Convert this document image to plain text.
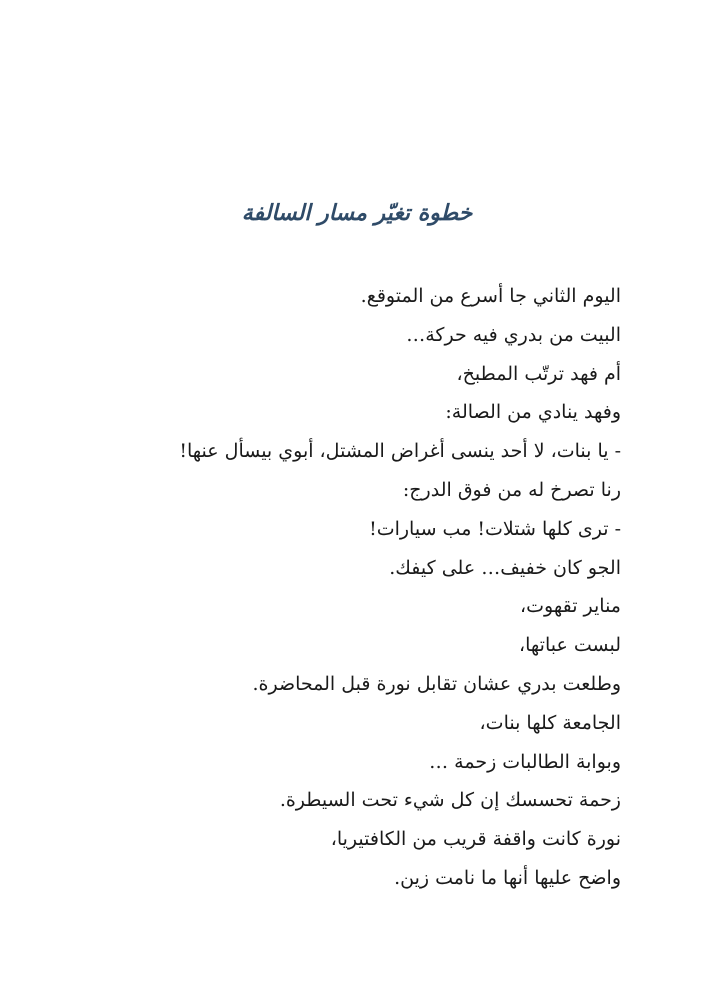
خطوة تغيّر مسار السالفة
اليوم الثاني جا أسرع من المتوقع.
البيت من بدري فيه حركة…
أم فهد ترتّب المطبخ،
وفهد ينادي من الصالة:
- يا بنات، لا أحد ينسى أغراض المشتل، أبوي بيسأل عنها!
رنا تصرخ له من فوق الدرج:
- ترى كلها شتلات! مب سيارات!
الجو كان خفيف… على كيفك.
مناير تقهوت،
لبست عباتها،
وطلعت بدري عشان تقابل نورة قبل المحاضرة.
الجامعة كلها بنات،
وبوابة الطالبات زحمة …
زحمة تحسسك إن كل شيء تحت السيطرة.
نورة كانت واقفة قريب من الكافتيريا،
واضح عليها أنها ما نامت زين.
